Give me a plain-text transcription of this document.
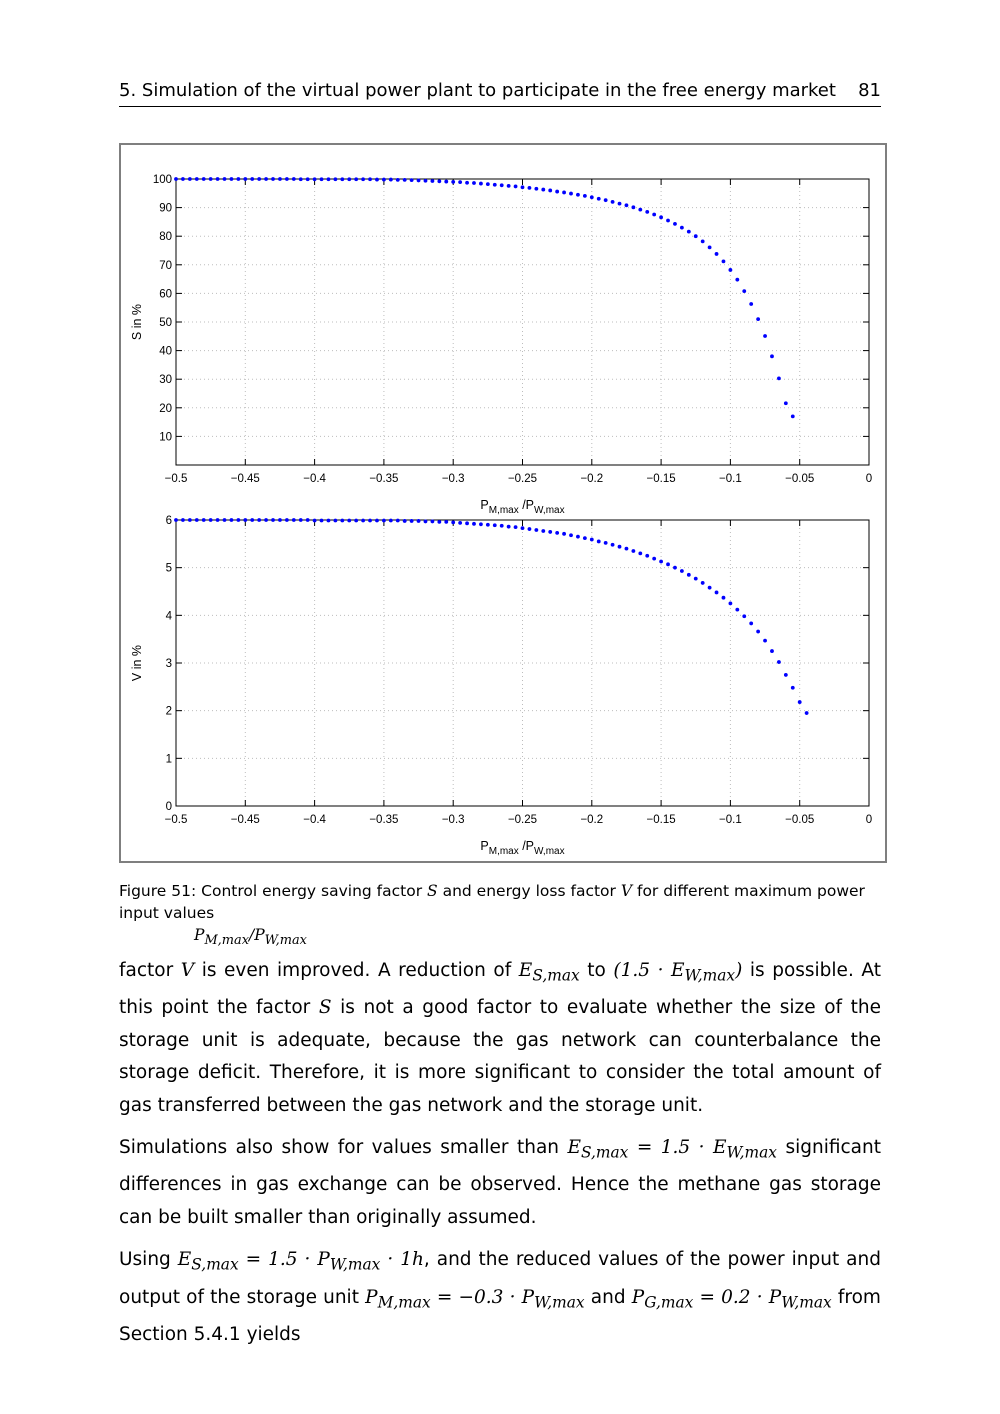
5. Simulation of the virtual power plant to participate in the free energy market 81
−0.5	−0.45	−0.4	−0.35	−0.3	−0.25	−0.2	−0.15	−0.1	−0.05	0
10
20
30
40
50
60
70
80
90
100
$P_{M,max}$ $/P_{W,max}$
S in %
−0.5	−0.45	−0.4	−0.35	−0.3	−0.25	−0.2	−0.15	−0.1	−0.05	0
0
1
2
3
4
5
6
$P_{M,max}$ $/P_{W,max}$
V in %
Figure 51: Control energy saving factor S and energy loss factor V for different maximum power input values
$P_{M,max}/P_{W,max}$

factor V is even improved. A reduction of $E_{S,max}$ to $(1.5 \cdot E_{W,max})$ is possible. At this point the factor S is not a good factor to evaluate whether the size of the storage unit is adequate, because the gas network can counterbalance the storage deficit. Therefore, it is more significant to consider the total amount of gas transferred between the gas network and the storage unit.

Simulations also show for values smaller than $E_{S,max} = 1.5 \cdot E_{W,max}$ significant differences in gas exchange can be observed. Hence the methane gas storage can be built smaller than originally assumed.

Using $E_{S,max} = 1.5 \cdot P_{W,max} \cdot 1h$, and the reduced values of the power input and output of the storage unit $P_{M,max} = -0.3 \cdot P_{W,max}$ and $P_{G,max} = 0.2 \cdot P_{W,max}$ from Section 5.4.1 yields
